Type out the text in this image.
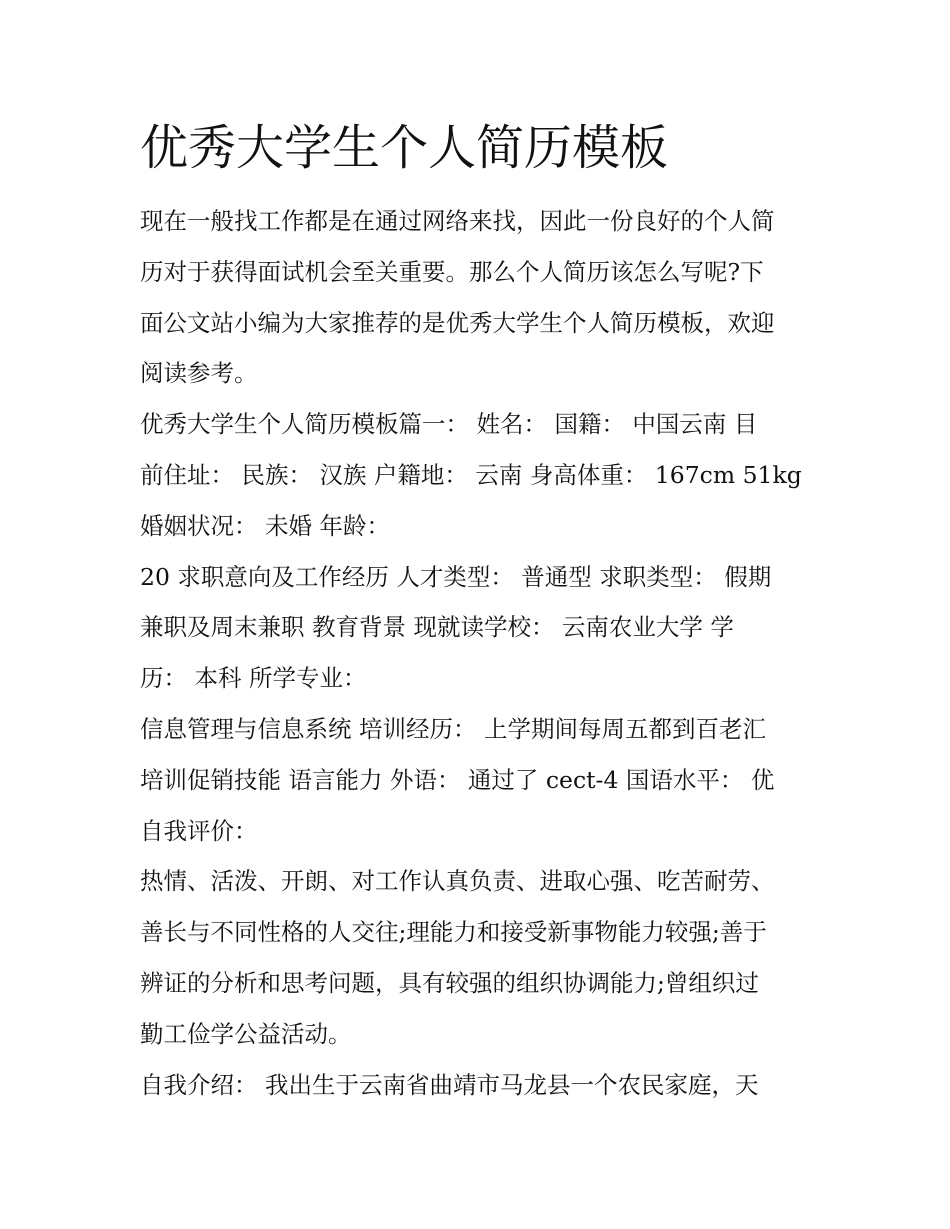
优秀大学生个人简历模板
现在一般找工作都是在通过网络来找，因此一份良好的个人简
历对于获得面试机会至关重要。那么个人简历该怎么写呢?下
面公文站小编为大家推荐的是优秀大学生个人简历模板，欢迎
阅读参考。
优秀大学生个人简历模板篇一： 姓名： 国籍： 中国云南 目
前住址： 民族： 汉族 户籍地： 云南 身高体重： 167cm 51kg
婚姻状况： 未婚 年龄：
20 求职意向及工作经历 人才类型： 普通型 求职类型： 假期
兼职及周末兼职 教育背景 现就读学校： 云南农业大学 学
历： 本科 所学专业：
信息管理与信息系统 培训经历： 上学期间每周五都到百老汇
培训促销技能 语言能力 外语： 通过了 cect-4 国语水平： 优
自我评价：
热情、活泼、开朗、对工作认真负责、进取心强、吃苦耐劳、
善长与不同性格的人交往;理能力和接受新事物能力较强;善于
辨证的分析和思考问题，具有较强的组织协调能力;曾组织过
勤工俭学公益活动。
自我介绍： 我出生于云南省曲靖市马龙县一个农民家庭，天
